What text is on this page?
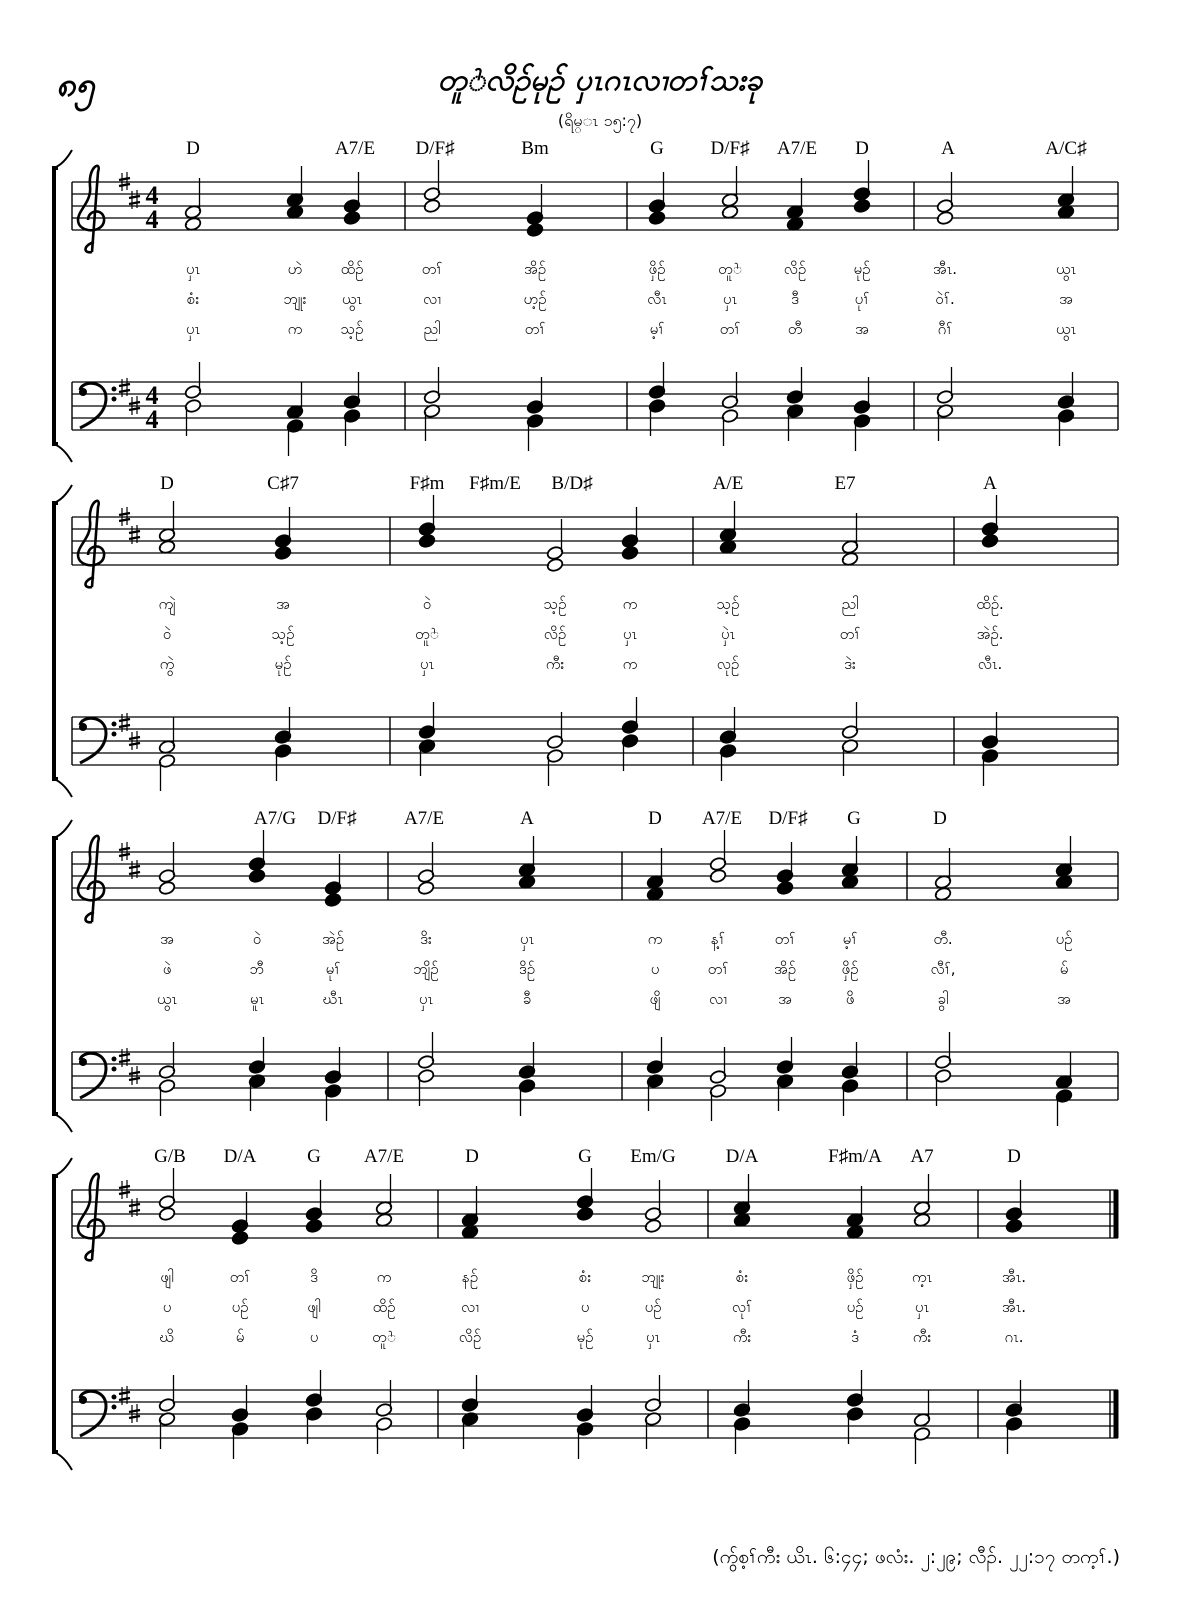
၈၅	တူႝလိဉ်မုဉ် ပှၤဂၤလၢတၢ်သးခု
(ရိမ္ၤ ၁၅:၇)
4
4
4
4
D	A7/E D/F♯	Bm	G D/F♯ A7/E D	A	A/C♯
ပှၤ	ဟဲ	ထိဉ်	တၢ်	အိဉ်	ဖှိဉ်	တူႝ	လိဉ်	မုဉ်	အီၤ.	ယွၤ
စံး	ဘျုး ယွၤ	လၢ	ဟ့ဉ်	လီၤ	ပှၤ	ဒီ	ပုၢ်	ဝဲၢ်.	အ
ပှၤ	က	သ့ဉ်	ညါ	တၢ်	မ့ၢ်	တၢ်	တီ	အ	ဂီၢ်	ယွၤ
D	C♯7	F♯m F♯m/E B/D♯	A/E	E7	A
ကျဲ	အ	ဝဲ	သ့ဉ်	က	သ့ဉ်	ညါ	ထိဉ်.
ဝဲ	သ့ဉ်	တူႝ	လိဉ်	ပှၤ	ပှဲၤ	တၢ်	အဲဉ်.
ကွဲ	မုဉ်	ပှၤ	ကီး	က	လုဉ်	ဒဲး	လီၤ.
A7/G D/F♯ A7/E	A	D A7/E D/F♯ G	D
အ	ဝဲ	အဲဉ်	ဒိး	ပှၤ	က	န့ၢ်	တၢ်	မ့ၢ်	တီ.	ပဉ်
ဖဲ	ဘီ	မုၢ်	ဘျိဉ်	ဒိဉ်	ပ	တၢ်	အိဉ်	ဖှိဉ်	လီၢ်,	မ်
ယွၤ	မူၤ	ဃီၤ	ပှၤ	ခီ	ဖျိ	လၢ	အ	ဖိ	ခွါ	အ
G/B D/A	G A7/E	D	G Em/G	D/A	F♯m/A A7	D
ဖျါ	တၢ်	ဒိ	က	နဉ်	စံး	ဘျုး	စံး	ဖှိဉ်	က့ၤ	အီၤ.
ပ	ပဉ်	ဖျါ	ထိဉ်	လၢ	ပ	ပဉ်	လုၢ်	ပဉ်	ပှၤ	အီၤ.
ဃိ	မ်	ပ	တူႝ	လိဉ်	မုဉ်	ပှၤ	ကီး	ဒံ	ကီး	ဂၤ.
(ကွ်စ့ၢ်ကီး ယိၤ. ၆:၄၄; ဖလံး. ၂:၂၉; လီၣ်. ၂၂:၁၇ တက့ၢ်.)
